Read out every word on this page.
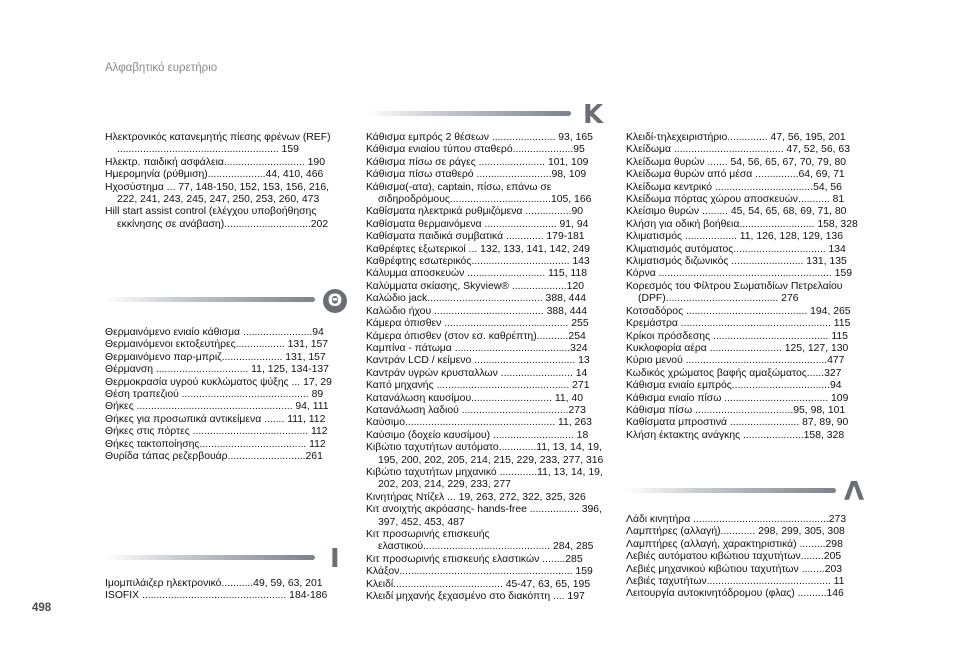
Αλφαβητικό ευρετήριο
Ηλεκτρονικός κατανεμητής πίεσης φρένων (REF) ........................................................ 159
Ηλεκτρ. παιδική ασφάλεια............................ 190
Ημερομηνία (ρύθμιση)....................44, 410, 466
Ηχοσύστημα ... 77, 148-150, 152, 153, 156, 216, 222, 241, 243, 245, 247, 250, 253, 260, 473
Hill start assist control (ελέγχου υποβοήθησης εκκίνησης σε ανάβαση)..............................202
Θ
Θερμαινόμενο ενιαίο κάθισμα ........................94
Θερμαινόμενοι εκτοξευτήρες................. 131, 157
Θερμαινόμενο παρ-μπριζ..................... 131, 157
Θέρμανση ................................ 11, 125, 134-137
Θερμοκρασία υγρού κυκλώματος ψύξης ... 17, 29
Θέση τραπεζιού ............................................ 89
Θήκες ...................................................... 94, 111
Θήκες για προσωπικά αντικείμενα ....... 111, 112
Θήκες στις πόρτες ........................................ 112
Θήκες τακτοποίησης..................................... 112
Θυρίδα τάπας ρεζερβουάρ...........................261
I
Ιμομπιλάιζερ ηλεκτρονικό...........49, 59, 63, 201
ISOFIX .................................................. 184-186
K
Κάθισμα εμπρός 2 θέσεων ...................... 93, 165
Κάθισμα ενιαίου τύπου σταθερό.....................95
Κάθισμα πίσω σε ράγες ....................... 101, 109
Κάθισμα πίσω σταθερό ..........................98, 109
Κάθισμα(-ατα), captain, πίσω, επάνω σε σιδηροδρόμους...................................105, 166
Καθίσματα ηλεκτρικά ρυθμιζόμενα ................90
Καθίσματα θερμαινόμενα ......................... 91, 94
Καθίσματα παιδικά συμβατικά ............. 179-181
Καθρέφτες εξωτερικοί ... 132, 133, 141, 142, 249
Καθρέφτης εσωτερικός.................................. 143
Κάλυμμα αποσκευών ........................... 115, 118
Καλύμματα σκίασης, Skyview® ...................120
Καλώδιο jack........................................ 388, 444
Καλώδιο ήχου ...................................... 388, 444
Κάμερα όπισθεν ........................................... 255
Κάμερα όπισθεν (στον εσ. καθρέπτη)...........254
Καμπίνα - πάτωμα ........................................324
Καντράν LCD / κείμενο ................................... 13
Καντράν υγρών κρυσταλλων ......................... 14
Καπό μηχανής .............................................. 271
Κατανάλωση καυσίμου............................ 11, 40
Κατανάλωση λαδιού .....................................273
Καύσιμο.................................................... 11, 263
Καύσιμο (δοχείο καυσίμου) ............................ 18
Κιβώτιο ταχυτήτων αυτόματο.............11, 13, 14, 19, 195, 200, 202, 205, 214, 215, 229, 233, 277, 316
Κιβώτιο ταχυτήτων μηχανικό .............11, 13, 14, 19, 202, 203, 214, 229, 233, 277
Κινητήρας Ντίζελ ... 19, 263, 272, 322, 325, 326
Κιτ ανοιχτής ακρόασης- hands-free ................. 396, 397, 452, 453, 487
Κιτ προσωρινής επισκευής ελαστικού............................................ 284, 285
Κιτ προσωρινής επισκευής ελαστικών ........285
Κλάξον............................................................ 159
Κλειδί...................................... 45-47, 63, 65, 195
Κλειδί μηχανής ξεχασμένο στο διακόπτη .... 197
Κλειδί-τηλεχειριστήριο.............. 47, 56, 195, 201
Κλείδωμα ...................................... 47, 52, 56, 63
Κλείδωμα θυρών ....... 54, 56, 65, 67, 70, 79, 80
Κλείδωμα θυρών από μέσα ...............64, 69, 71
Κλείδωμα κεντρικό ..................................54, 56
Κλείδωμα πόρτας χώρου αποσκευών........... 81
Κλείσιμο θυρών ......... 45, 54, 65, 68, 69, 71, 80
Κλήση για οδική βοήθεια.......................... 158, 328
Κλιματισμός .................. 11, 126, 128, 129, 136
Κλιματισμός αυτόματος................................ 134
Κλιματισμός διζωνικός ......................... 131, 135
Κόρνα ............................................................ 159
Κορεσμός του Φίλτρου Σωματιδίων Πετρελαίου (DPF)....................................... 276
Κοτσαδόρος .......................................... 194, 265
Κρεμάστρα .................................................... 115
Κρίκοι πρόσδεσης ........................................ 115
Κυκλοφορία αέρα ......................... 125, 127, 130
Κύριο μενού .................................................477
Κωδικός χρώματος βαφής αμαξώματος......327
Κάθισμα ενιαίο εμπρός..................................94
Κάθισμα ενιαίο πίσω .................................... 109
Κάθισμα πίσω ..................................95, 98, 101
Καθίσματα μπροστινά ........................ 87, 89, 90
Κλήση έκτακτης ανάγκης .....................158, 328
Λ
Λάδι κινητήρα ...............................................273
Λαμπτήρες (αλλαγή)............ 298, 299, 305, 308
Λαμπτήρες (αλλαγή, χαρακτηριστικά) .........298
Λεβιές αυτόματου κιβώτιου ταχυτήτων........205
Λεβιές μηχανικού κιβώτιου ταχυτήτων ........203
Λεβιές ταχυτήτων........................................... 11
Λειτουργία αυτοκινητόδρομου (φλας) ..........146
498
